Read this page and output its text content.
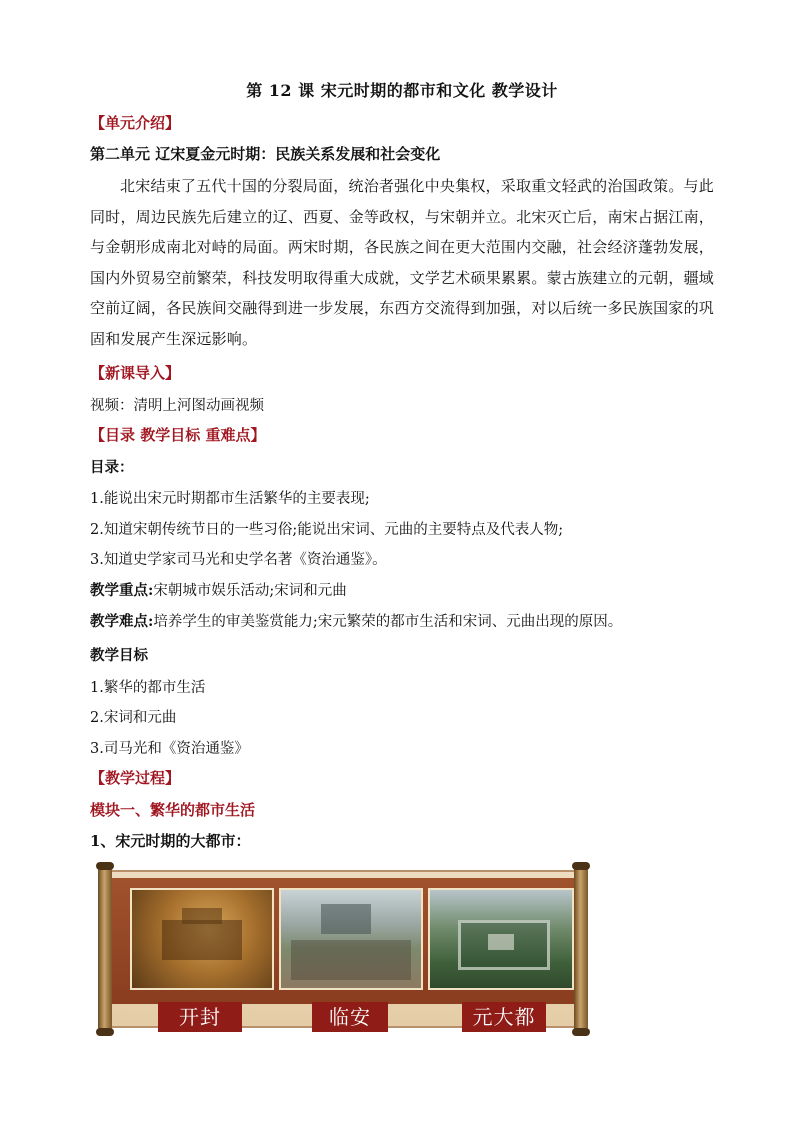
第 12 课 宋元时期的都市和文化 教学设计
【单元介绍】
第二单元 辽宋夏金元时期：民族关系发展和社会变化

北宋结束了五代十国的分裂局面，统治者强化中央集权，采取重文轻武的治国政策。与此同时，周边民族先后建立的辽、西夏、金等政权，与宋朝并立。北宋灭亡后，南宋占据江南，与金朝形成南北对峙的局面。两宋时期，各民族之间在更大范围内交融，社会经济蓬勃发展，国内外贸易空前繁荣，科技发明取得重大成就，文学艺术硕果累累。蒙古族建立的元朝，疆域空前辽阔，各民族间交融得到进一步发展，东西方交流得到加强，对以后统一多民族国家的巩固和发展产生深远影响。

【新课导入】
视频：清明上河图动画视频
【目录 教学目标 重难点】
目录：
1.能说出宋元时期都市生活繁华的主要表现;
2.知道宋朝传统节日的一些习俗;能说出宋词、元曲的主要特点及代表人物;
3.知道史学家司马光和史学名著《资治通鉴》。
教学重点:宋朝城市娱乐活动;宋词和元曲
教学难点:培养学生的审美鉴赏能力;宋元繁荣的都市生活和宋词、元曲出现的原因。
教学目标
1.繁华的都市生活
2.宋词和元曲
3.司马光和《资治通鉴》
【教学过程】
模块一、繁华的都市生活
1、宋元时期的大都市：
开封	临安	元大都
